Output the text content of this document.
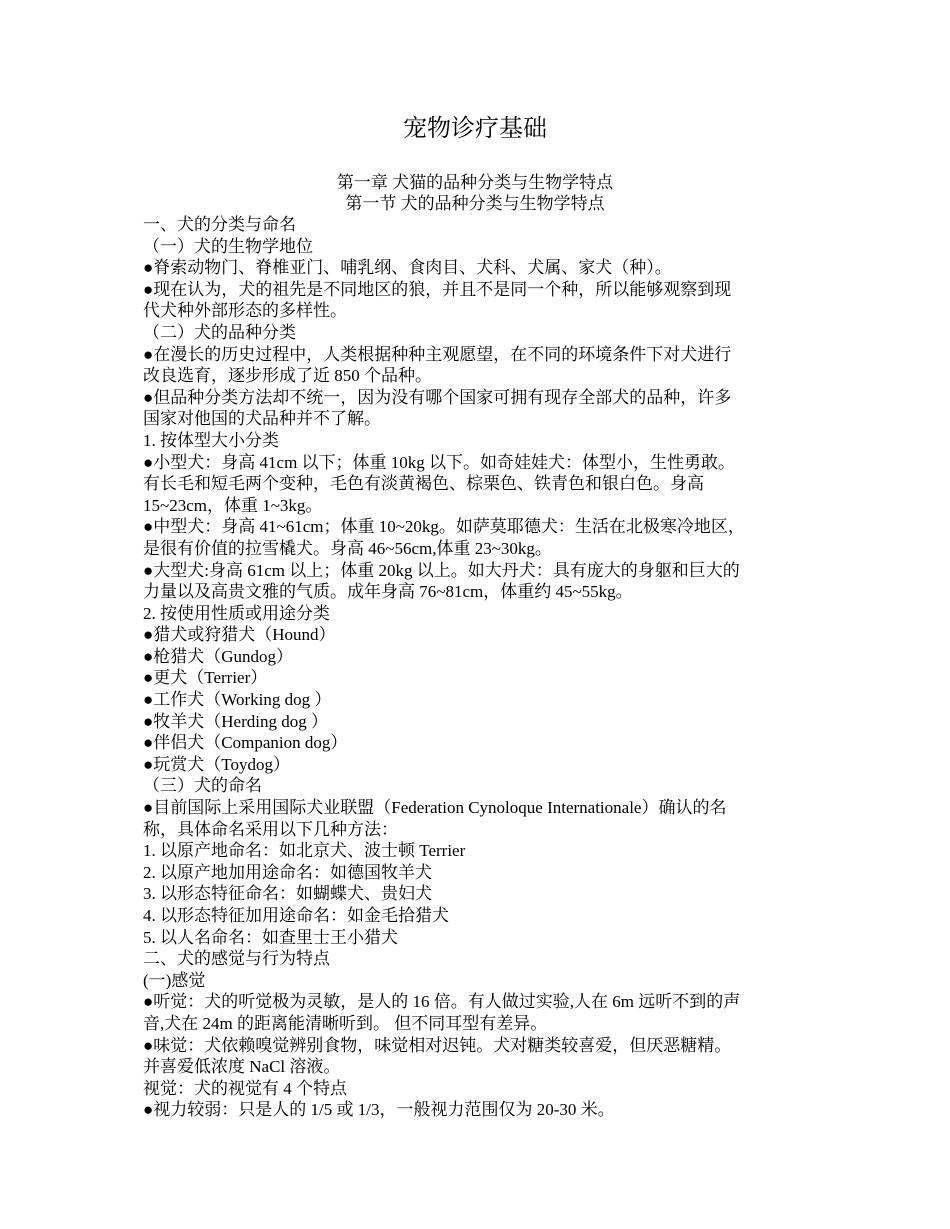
宠物诊疗基础
第一章 犬猫的品种分类与生物学特点
第一节 犬的品种分类与生物学特点
一、犬的分类与命名
（一）犬的生物学地位
●脊索动物门、脊椎亚门、哺乳纲、食肉目、犬科、犬属、家犬（种）。
●现在认为，犬的祖先是不同地区的狼，并且不是同一个种，所以能够观察到现
代犬种外部形态的多样性。
（二）犬的品种分类
●在漫长的历史过程中，人类根据种种主观愿望，在不同的环境条件下对犬进行
改良选育，逐步形成了近 850 个品种。
●但品种分类方法却不统一，因为没有哪个国家可拥有现存全部犬的品种，许多
国家对他国的犬品种并不了解。
1. 按体型大小分类
●小型犬：身高 41cm 以下；体重 10kg 以下。如奇娃娃犬：体型小，生性勇敢。
有长毛和短毛两个变种，毛色有淡黄褐色、棕栗色、铁青色和银白色。身高
15~23cm，体重 1~3kg。
●中型犬：身高 41~61cm；体重 10~20kg。如萨莫耶德犬：生活在北极寒冷地区，
是很有价值的拉雪橇犬。身高 46~56cm,体重 23~30kg。
●大型犬:身高 61cm 以上；体重 20kg 以上。如大丹犬：具有庞大的身躯和巨大的
力量以及高贵文雅的气质。成年身高 76~81cm，体重约 45~55kg。
2. 按使用性质或用途分类
●猎犬或狩猎犬（Hound）
●枪猎犬（Gundog）
●更犬（Terrier）
●工作犬（Working dog ）
●牧羊犬（Herding dog ）
●伴侣犬（Companion dog）
●玩赏犬（Toydog）
（三）犬的命名
●目前国际上采用国际犬业联盟（Federation Cynoloque Internationale）确认的名
称，具体命名采用以下几种方法：
1. 以原产地命名：如北京犬、波士顿 Terrier
2. 以原产地加用途命名：如德国牧羊犬
3. 以形态特征命名：如蝴蝶犬、贵妇犬
4. 以形态特征加用途命名：如金毛拾猎犬
5. 以人名命名：如查里士王小猎犬
二、犬的感觉与行为特点
(一)感觉
●听觉：犬的听觉极为灵敏，是人的 16 倍。有人做过实验,人在 6m 远听不到的声
音,犬在 24m 的距离能清晰听到。 但不同耳型有差异。
●味觉：犬依赖嗅觉辨别食物，味觉相对迟钝。犬对糖类较喜爱，但厌恶糖精。
并喜爱低浓度 NaCl 溶液。
视觉：犬的视觉有 4 个特点
●视力较弱：只是人的 1/5 或 1/3，一般视力范围仅为 20-30 米。
